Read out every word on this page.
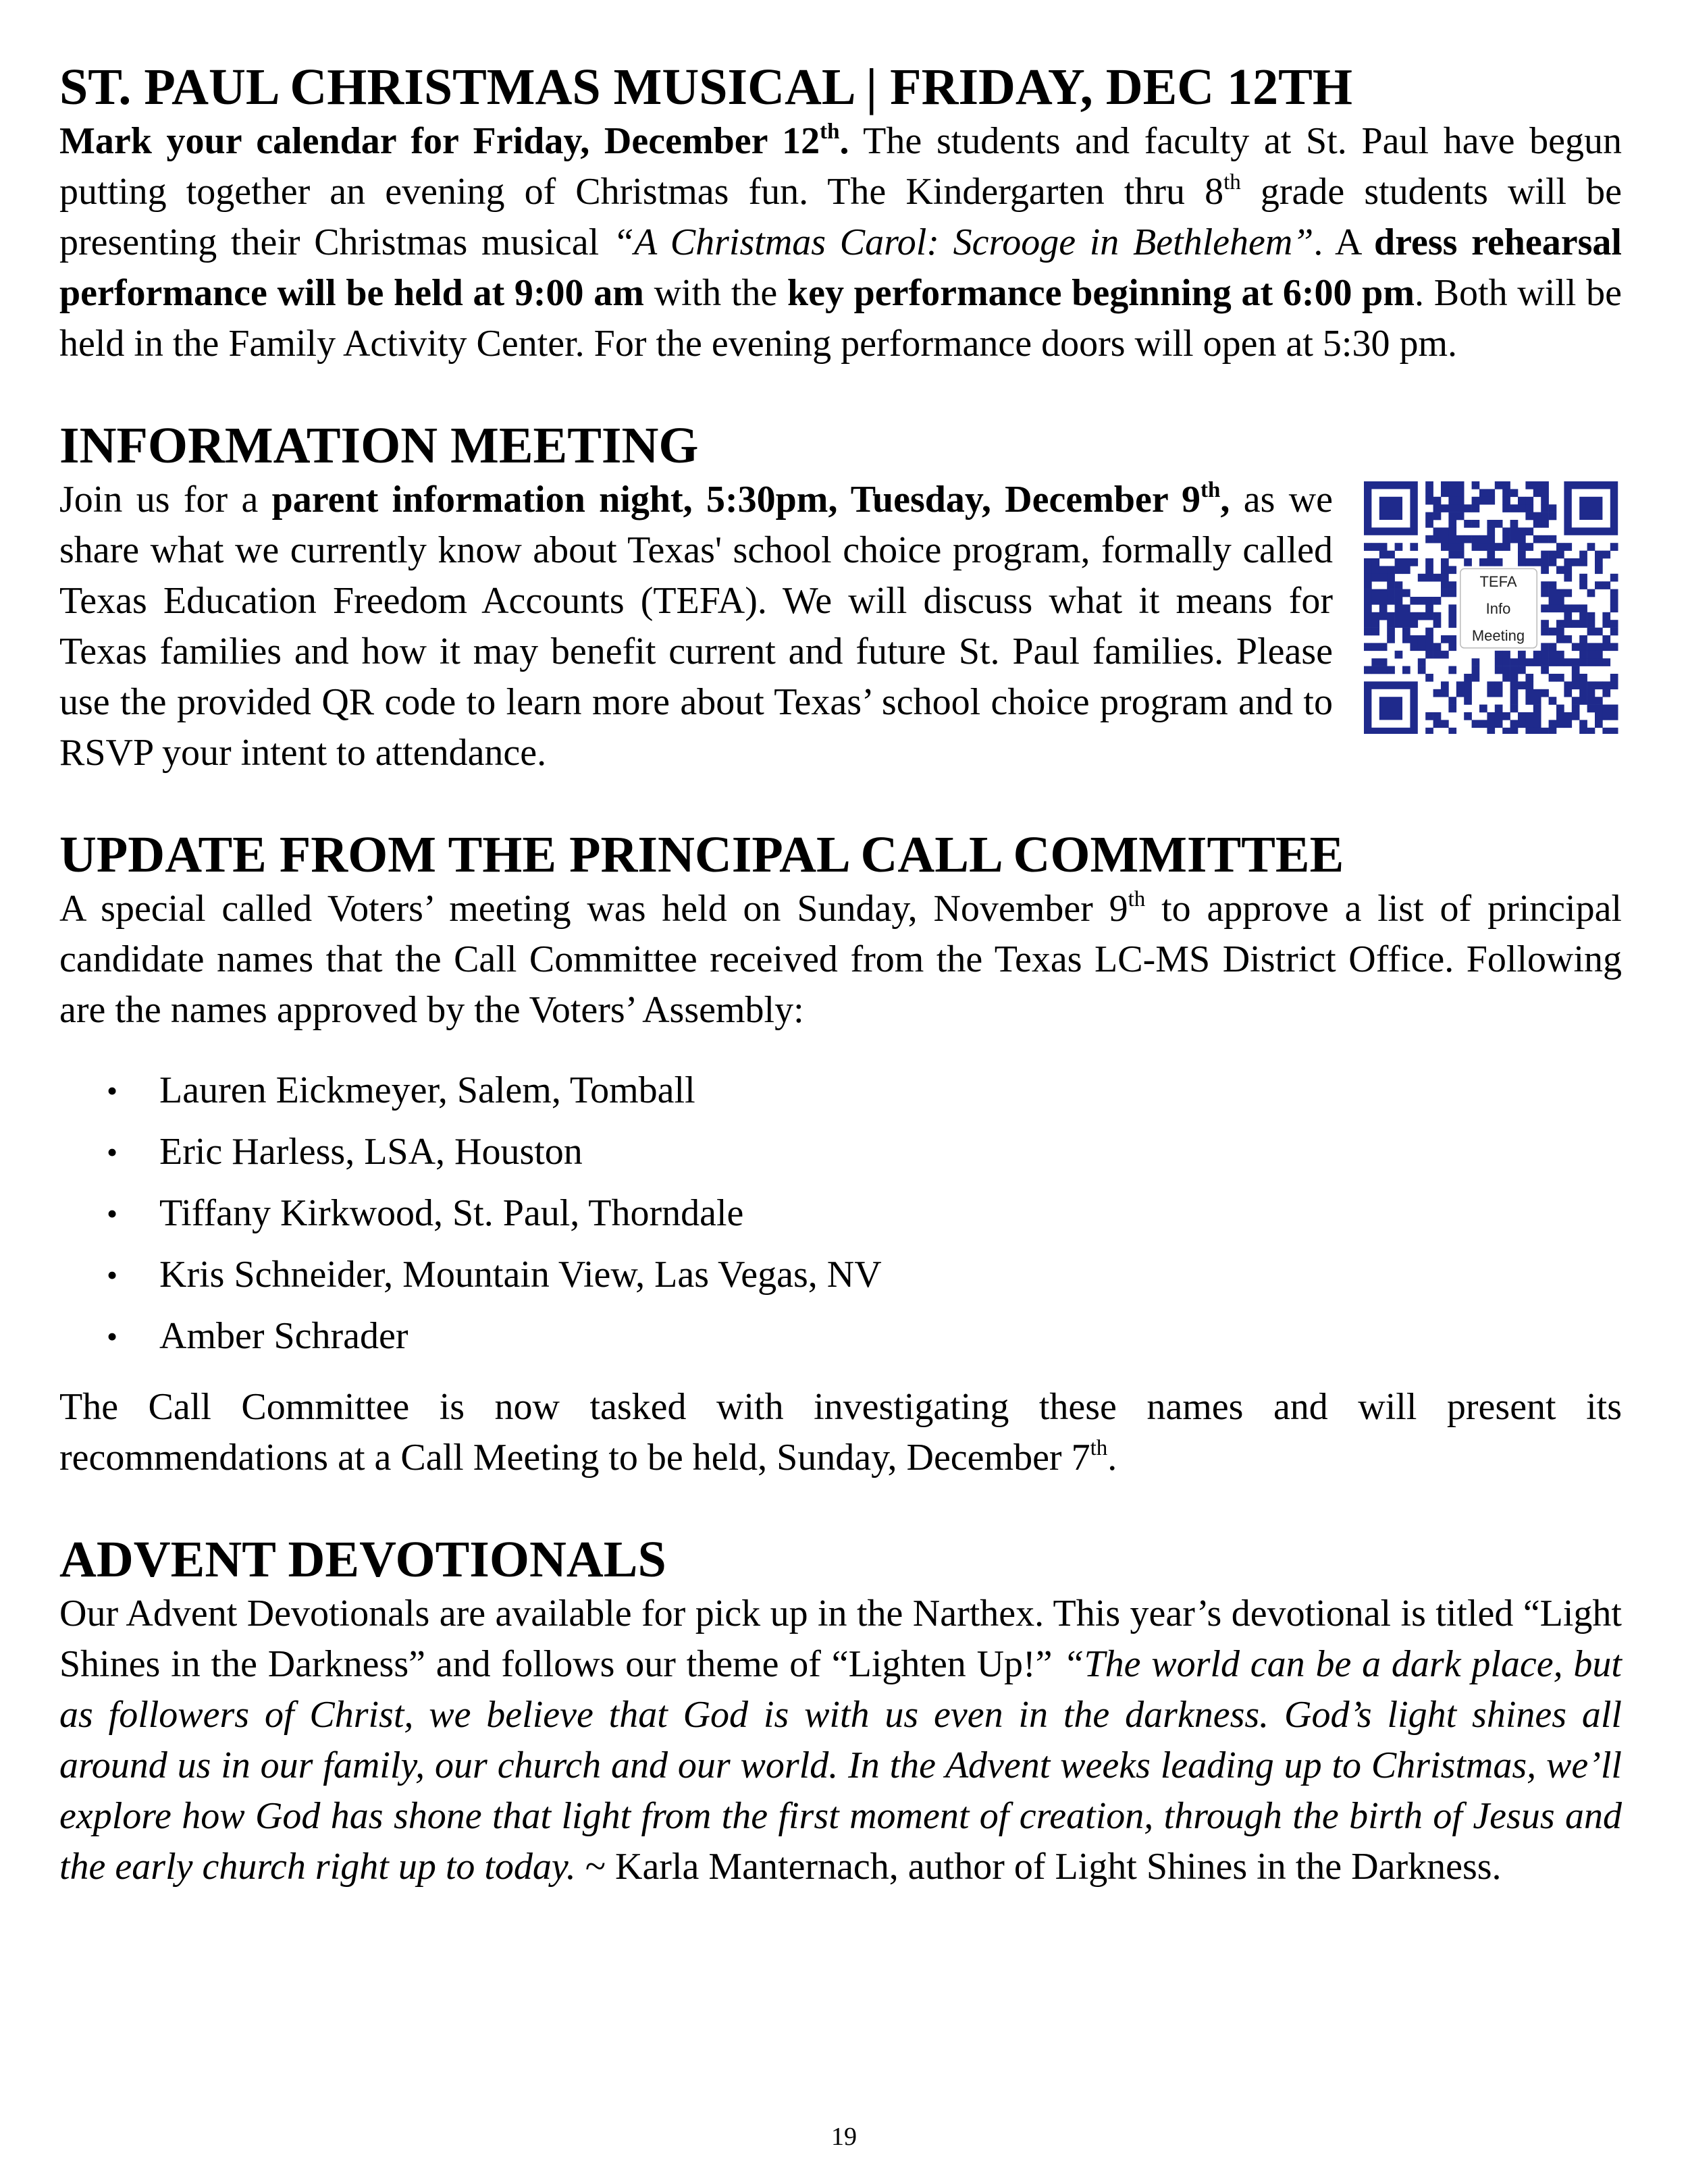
ST. PAUL CHRISTMAS MUSICAL | FRIDAY, DEC 12TH

Mark your calendar for Friday, December 12th. The students and faculty at St. Paul have begun putting together an evening of Christmas fun. The Kindergarten thru 8th grade students will be presenting their Christmas musical “A Christmas Carol: Scrooge in Bethlehem”. A dress rehearsal performance will be held at 9:00 am with the key performance beginning at 6:00 pm. Both will be held in the Family Activity Center. For the evening performance doors will open at 5:30 pm.

INFORMATION MEETING

TEFA
Info
Meeting
Join us for a parent information night, 5:30pm, Tuesday, December 9th, as we share what we currently know about Texas' school choice program, formally called Texas Education Freedom Accounts (TEFA). We will discuss what it means for Texas families and how it may benefit current and future St. Paul families. Please use the provided QR code to learn more about Texas’ school choice program and to RSVP your intent to attendance.

UPDATE FROM THE PRINCIPAL CALL COMMITTEE

A special called Voters’ meeting was held on Sunday, November 9th to approve a list of principal candidate names that the Call Committee received from the Texas LC-MS District Office. Following are the names approved by the Voters’ Assembly:

• Lauren Eickmeyer, Salem, Tomball
• Eric Harless, LSA, Houston
• Tiffany Kirkwood, St. Paul, Thorndale
• Kris Schneider, Mountain View, Las Vegas, NV
• Amber Schrader

The Call Committee is now tasked with investigating these names and will present its recommendations at a Call Meeting to be held, Sunday, December 7th.

ADVENT DEVOTIONALS

Our Advent Devotionals are available for pick up in the Narthex. This year’s devotional is titled “Light Shines in the Darkness” and follows our theme of “Lighten Up!” “The world can be a dark place, but as followers of Christ, we believe that God is with us even in the darkness. God’s light shines all around us in our family, our church and our world. In the Advent weeks leading up to Christmas, we’ll explore how God has shone that light from the first moment of creation, through the birth of Jesus and the early church right up to today. ~ Karla Manternach, author of Light Shines in the Darkness.

19
